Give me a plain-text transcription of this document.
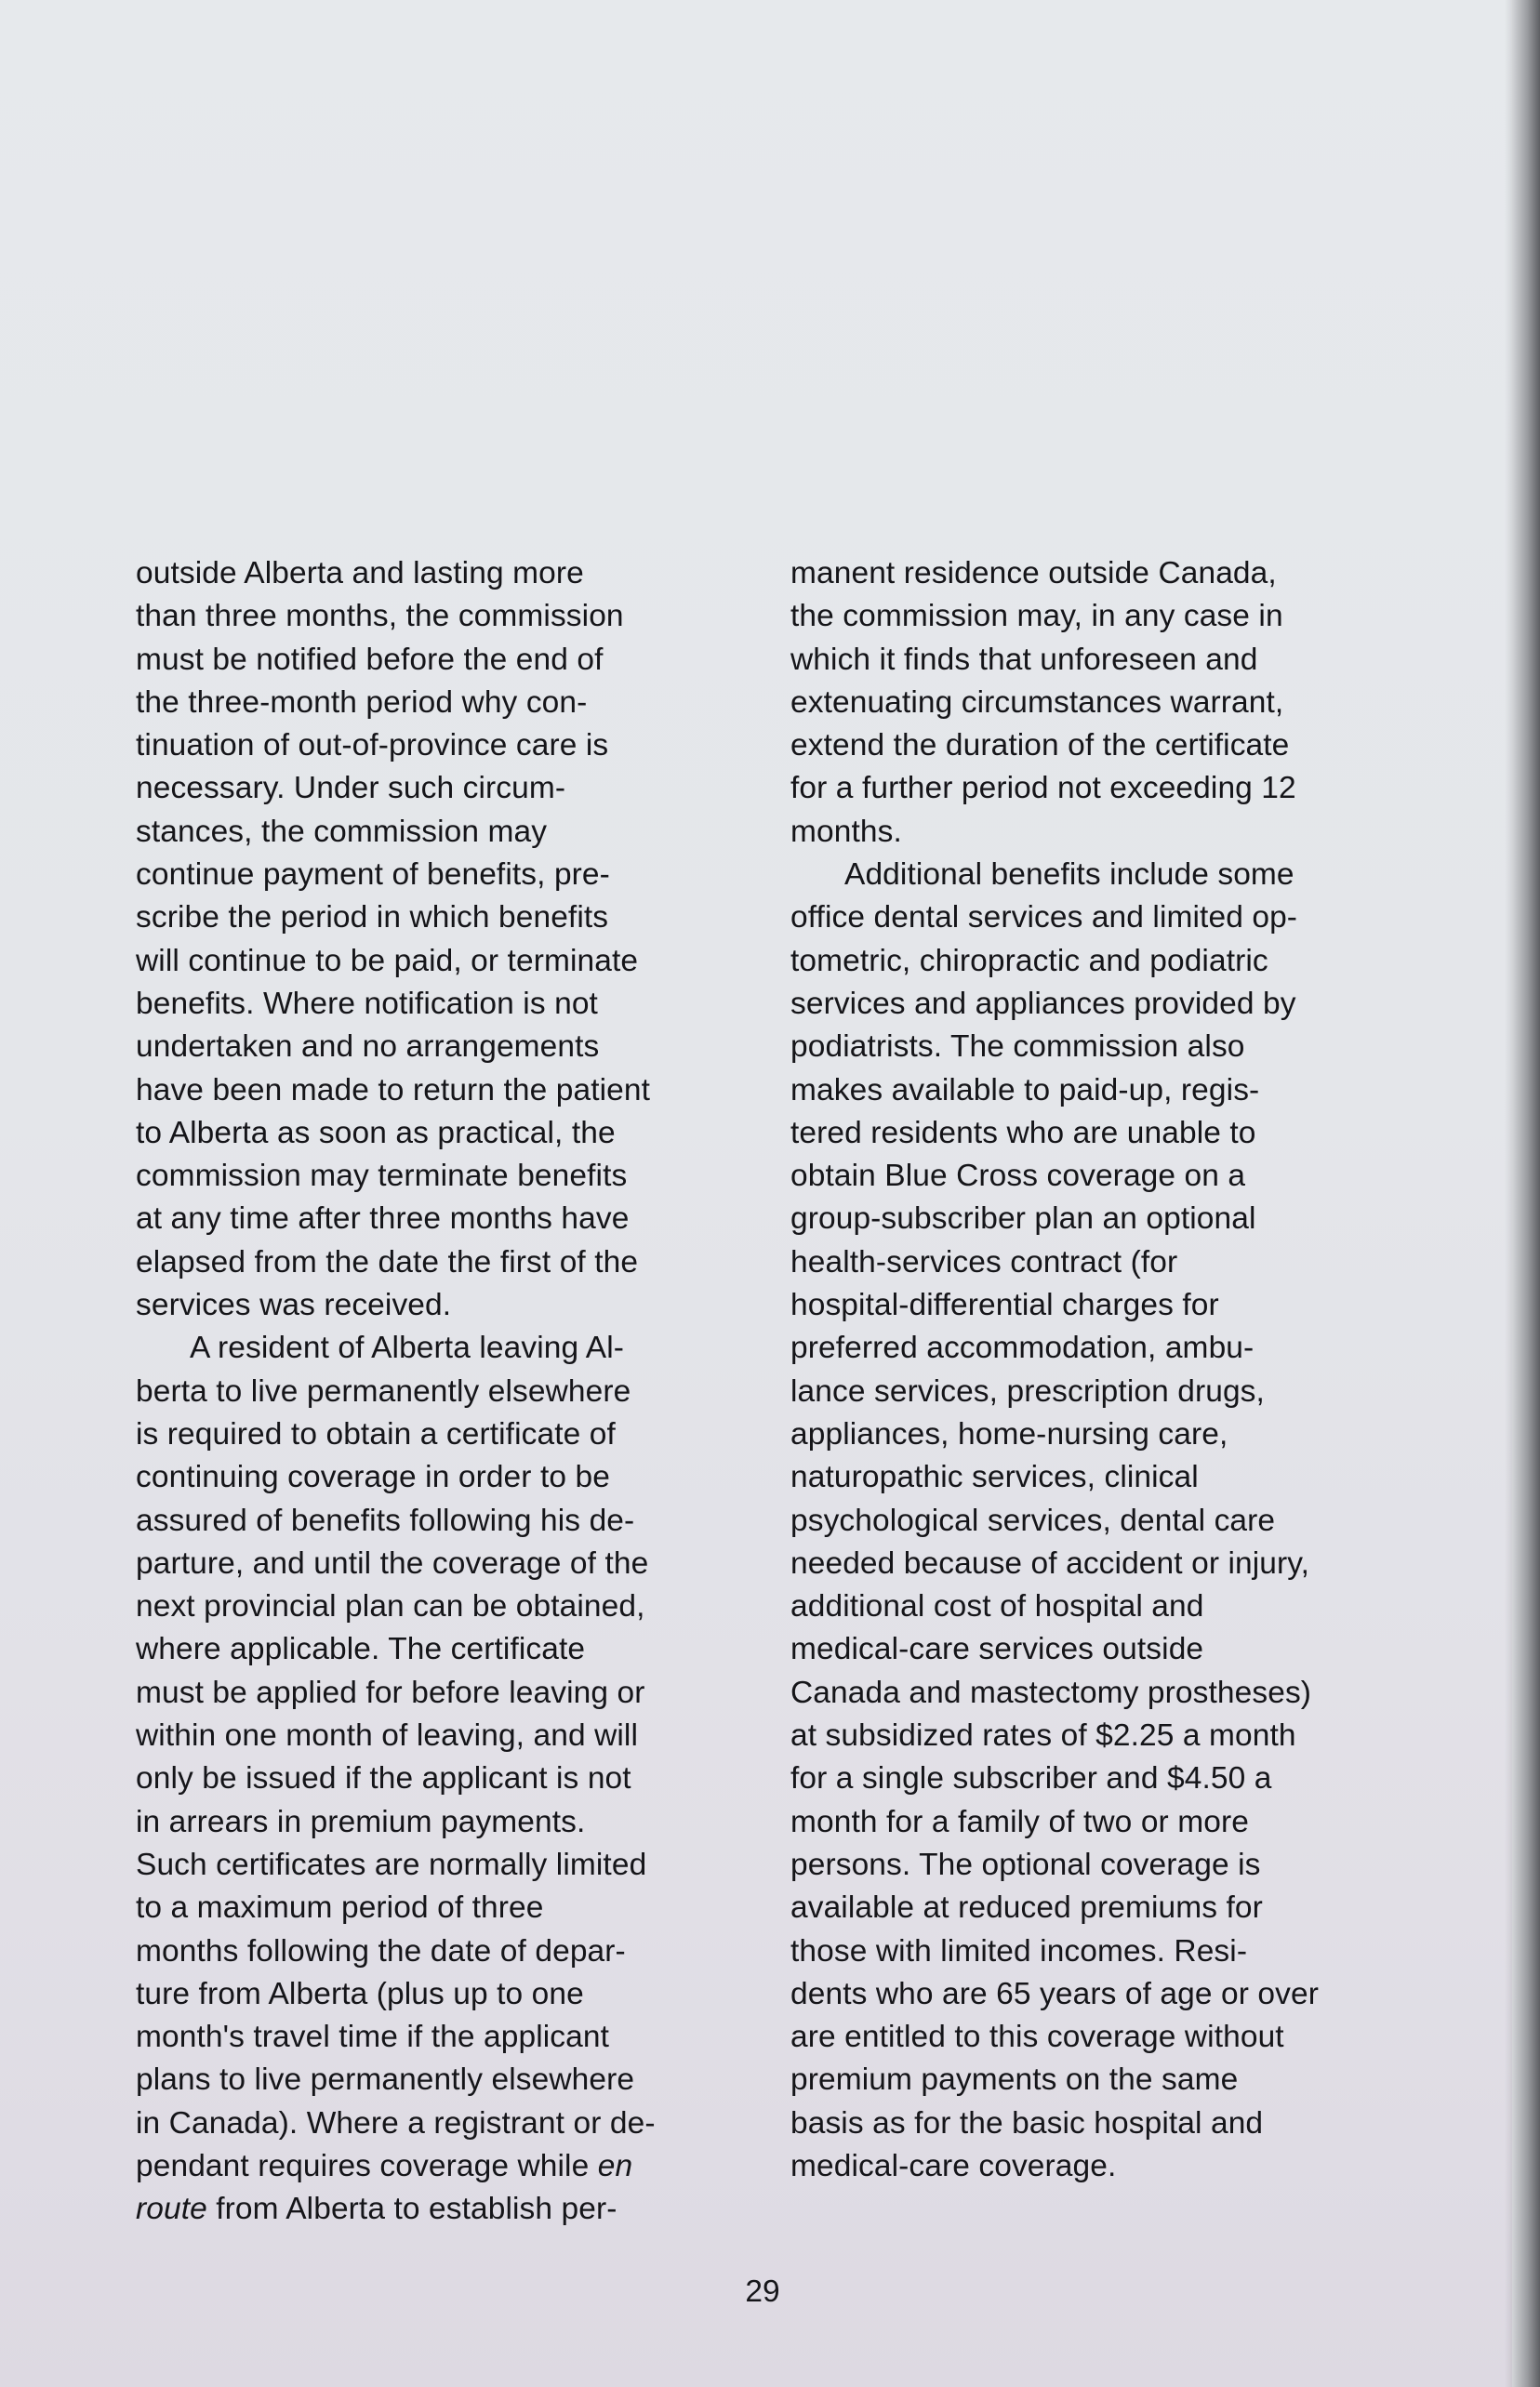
outside Alberta and lasting more
than three months, the commission
must be notified before the end of
the three-month period why con-
tinuation of out-of-province care is
necessary. Under such circum-
stances, the commission may
continue payment of benefits, pre-
scribe the period in which benefits
will continue to be paid, or terminate
benefits. Where notification is not
undertaken and no arrangements
have been made to return the patient
to Alberta as soon as practical, the
commission may terminate benefits
at any time after three months have
elapsed from the date the first of the
services was received.
A resident of Alberta leaving Al-
berta to live permanently elsewhere
is required to obtain a certificate of
continuing coverage in order to be
assured of benefits following his de-
parture, and until the coverage of the
next provincial plan can be obtained,
where applicable. The certificate
must be applied for before leaving or
within one month of leaving, and will
only be issued if the applicant is not
in arrears in premium payments.
Such certificates are normally limited
to a maximum period of three
months following the date of depar-
ture from Alberta (plus up to one
month's travel time if the applicant
plans to live permanently elsewhere
in Canada). Where a registrant or de-
pendant requires coverage while en
route from Alberta to establish per-
manent residence outside Canada,
the commission may, in any case in
which it finds that unforeseen and
extenuating circumstances warrant,
extend the duration of the certificate
for a further period not exceeding 12
months.
Additional benefits include some
office dental services and limited op-
tometric, chiropractic and podiatric
services and appliances provided by
podiatrists. The commission also
makes available to paid-up, regis-
tered residents who are unable to
obtain Blue Cross coverage on a
group-subscriber plan an optional
health-services contract (for
hospital-differential charges for
preferred accommodation, ambu-
lance services, prescription drugs,
appliances, home-nursing care,
naturopathic services, clinical
psychological services, dental care
needed because of accident or injury,
additional cost of hospital and
medical-care services outside
Canada and mastectomy prostheses)
at subsidized rates of $2.25 a month
for a single subscriber and $4.50 a
month for a family of two or more
persons. The optional coverage is
available at reduced premiums for
those with limited incomes. Resi-
dents who are 65 years of age or over
are entitled to this coverage without
premium payments on the same
basis as for the basic hospital and
medical-care coverage.
29
